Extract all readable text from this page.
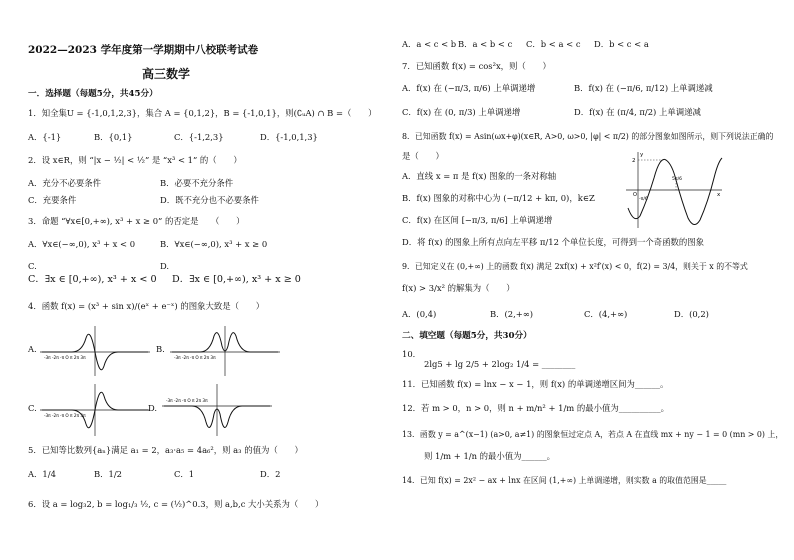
2022—2023 学年度第一学期期中八校联考试卷
高三数学
一．选择题（每题5分，共45分）
1．知全集U = {-1,0,1,2,3}，集合 A = {0,1,2}，B = {-1,0,1}，则(∁ᵤA) ∩ B =（　　）
A．{-1}	B．{0,1}	C．{-1,2,3}	D．{-1,0,1,3}
2．设 x∈R，则 “|x − ½| < ½” 是 “x³ < 1” 的（　　）
A．充分不必要条件	B．必要不充分条件
C．充要条件	D．既不充分也不必要条件
3．命题 “∀x∈[0,+∞), x³ + x ≥ 0” 的否定是　　（　　）
A．∀x∈(−∞,0), x³ + x < 0	B．∀x∈(−∞,0), x³ + x ≥ 0
C.
C．∃x ∈ [0,+∞), x³ + x < 0
D.
D．∃x ∈ [0,+∞), x³ + x ≥ 0
4．函数 f(x) = (x³ + sin x)/(eˣ + e⁻ˣ) 的图象大致是（　　）
A.
-3π -2π -π O π 2π 3π
B.
-3π -2π -π O π 2π 3π
C.
-3π -2π -π O π 2π 3π
D.
-3π -2π -π O π 2π 3π
5．已知等比数列{aₙ}满足 a₁ = 2，a₃·a₅ = 4a₆²，则 a₃ 的值为（　　）
A．1/4	B．1/2	C．1	D．2
6．设 a = log₃2, b = log₁/₃ ½, c = (½)^0.3，则 a,b,c 大小关系为（　　）
A．a < c < b B．a < b < c C．b < a < c D．b < c < a
7．已知函数 f(x) = cos²x，则（　　）
A．f(x) 在 (−π/3, π/6) 上单调递增	B．f(x) 在 (−π/6, π/12) 上单调递减
C．f(x) 在 (0, π/3) 上单调递增	D．f(x) 在 (π/4, π/2) 上单调递减
8．已知函数 f(x) = Asin(ωx+φ)(x∈R, A>0, ω>0, |φ| < π/2) 的部分图象如图所示，则下列说法正确的
是（　　）
A．直线 x = π 是 f(x) 图象的一条对称轴
B．f(x) 图象的对称中心为 (−π/12 + kπ, 0)，k∈Z
C．f(x) 在区间 [−π/3, π/6] 上单调递增
D．将 f(x) 的图象上所有点向左平移 π/12 个单位长度，可得到一个奇函数的图象
y
2
O
5π/6
-π/6
x
9．已知定义在 (0,+∞) 上的函数 f(x) 满足 2xf(x) + x²f′(x) < 0，f(2) = 3/4，则关于 x 的不等式
f(x) > 3/x² 的解集为（　　）
A．(0,4)	B．(2,+∞)	C．(4,+∞)	D．(0,2)
二、填空题（每题5分，共30分）
10．
2lg5 + lg 2/5 + 2log₂ 1/4 = ________
11．已知函数 f(x) = lnx − x − 1，则 f(x) 的单调递增区间为______。
12．若 m > 0，n > 0，则 n + m/n² + 1/m 的最小值为__________。
13．函数 y = a^(x−1) (a>0, a≠1) 的图象恒过定点 A，若点 A 在直线 mx + ny − 1 = 0 (mn > 0) 上，
则 1/m + 1/n 的最小值为______。
14．已知 f(x) = 2x² − ax + lnx 在区间 (1,+∞) 上单调递增，则实数 a 的取值范围是_____
